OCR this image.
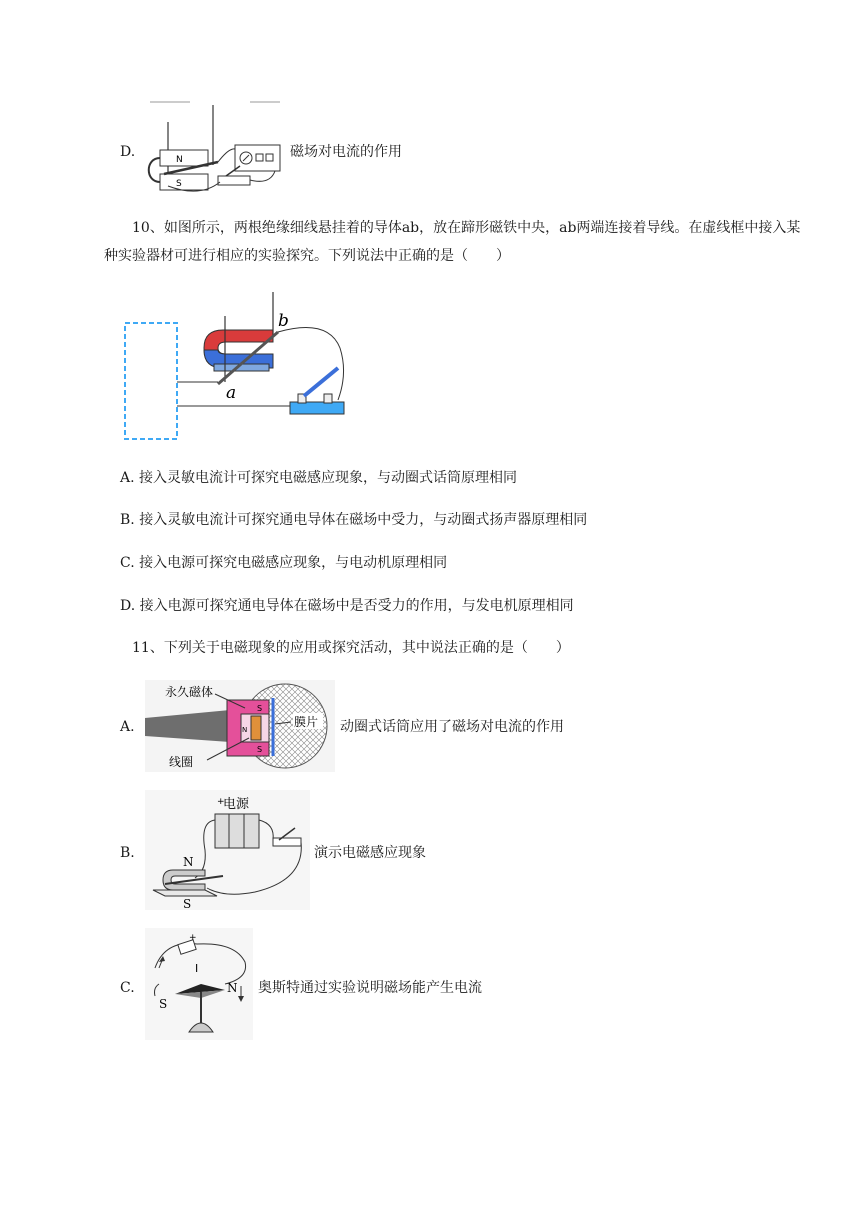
D.	N
S
磁场对电流的作用
10、如图所示，两根绝缘细线悬挂着的导体ab，放在蹄形磁铁中央，ab两端连接着导线。在虚线框中接入某种实验器材可进行相应的实验探究。下列说法中正确的是（　　）
b
a
A. 接入灵敏电流计可探究电磁感应现象，与动圈式话筒原理相同
B. 接入灵敏电流计可探究通电导体在磁场中受力，与动圈式扬声器原理相同
C. 接入电源可探究电磁感应现象，与电动机原理相同
D. 接入电源可探究通电导体在磁场中是否受力的作用，与发电机原理相同
11、下列关于电磁现象的应用或探究活动，其中说法正确的是（　　）
A.
S
S
N
永久磁体
线圈
膜片 动圈式话筒应用了磁场对电流的作用
B.
电源
+
N
S
演示电磁感应现象
C.
+
I
S
N 奥斯特通过实验说明磁场能产生电流
